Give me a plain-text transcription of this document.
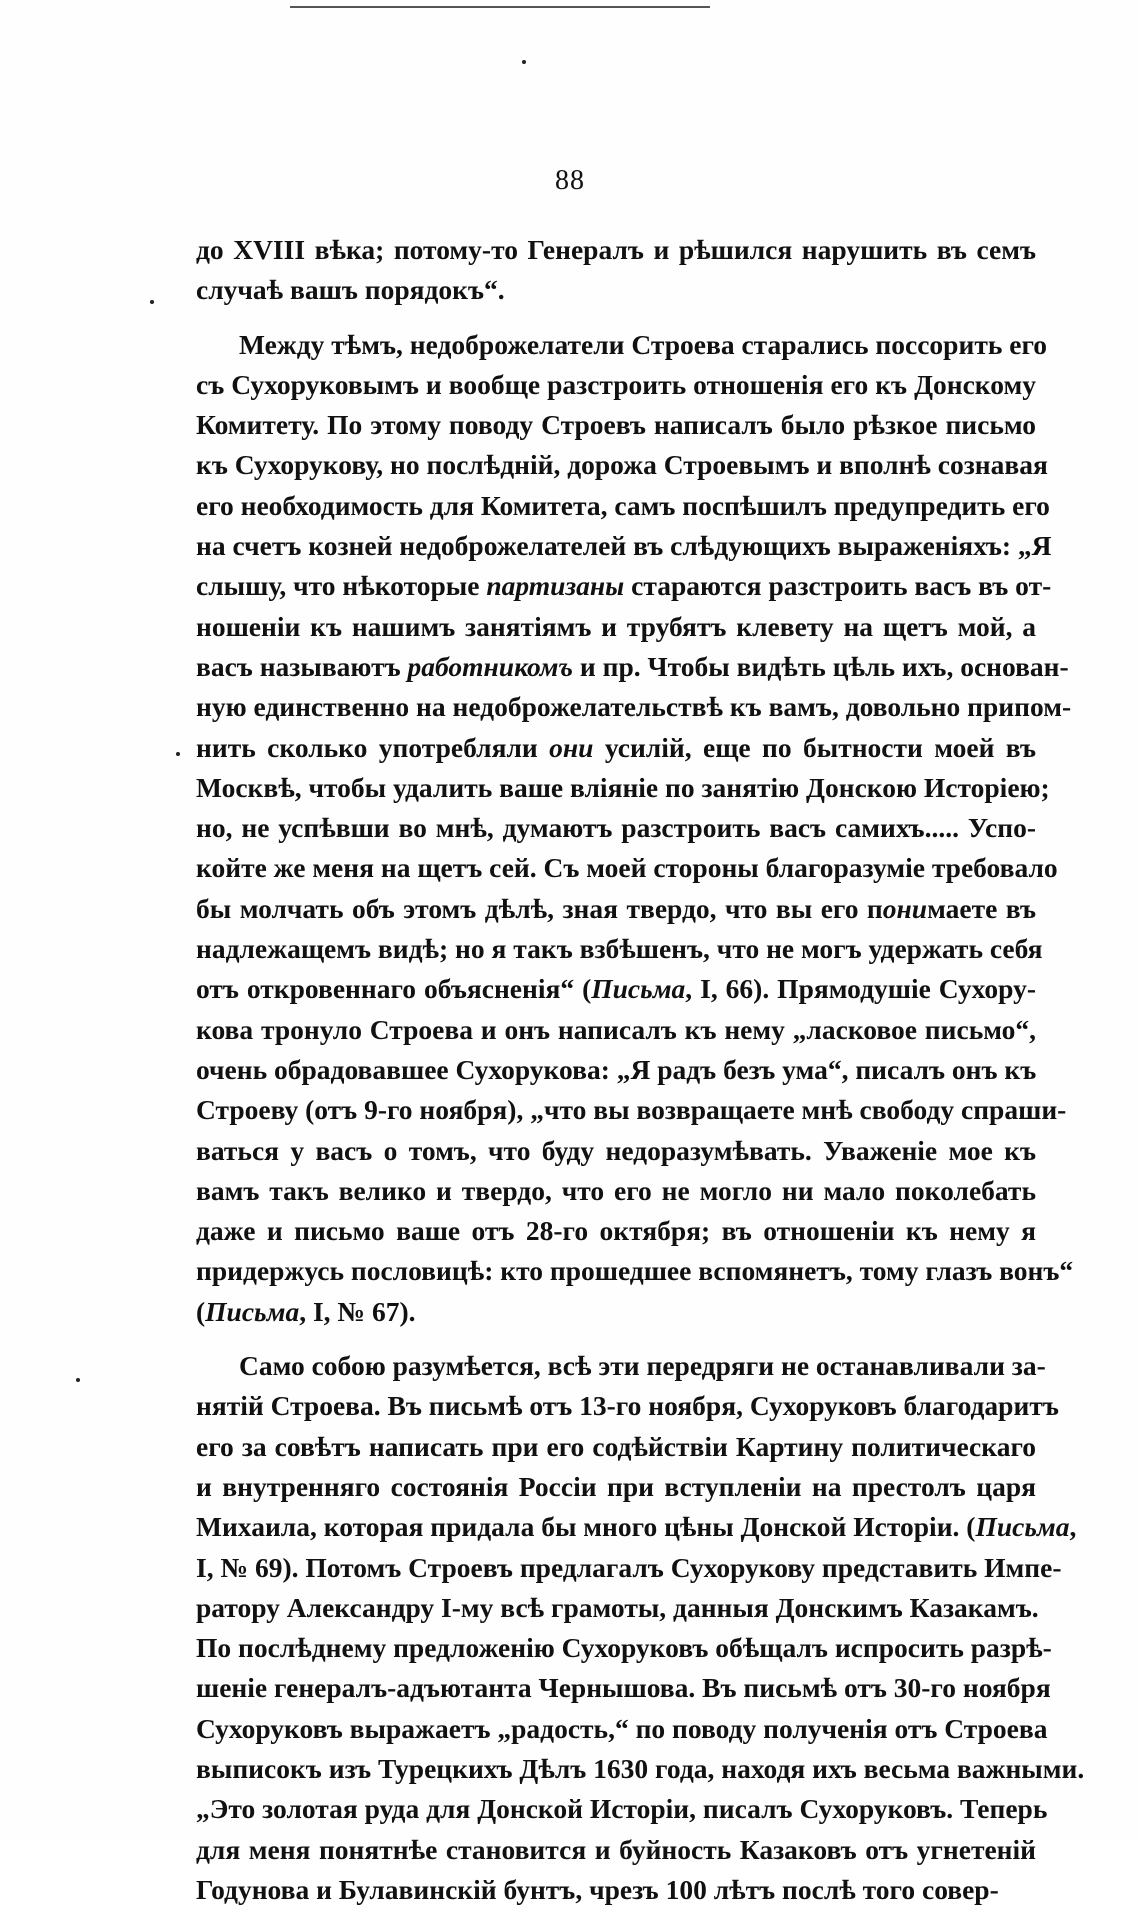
88
до XVIII вѣка; потому-то Генералъ и рѣшился нарушить въ семъ
случаѣ вашъ порядокъ“.
Между тѣмъ, недоброжелатели Строева старались поссорить его
съ Сухоруковымъ и вообще разстроить отношенія его къ Донскому
Комитету. По этому поводу Строевъ написалъ было рѣзкое письмо
къ Сухорукову, но послѣдній, дорожа Строевымъ и вполнѣ сознавая
его необходимость для Комитета, самъ поспѣшилъ предупредить его
на счетъ козней недоброжелателей въ слѣдующихъ выраженіяхъ: „Я
слышу, что нѣкоторые партизаны стараются разстроить васъ въ от-
ношеніи къ нашимъ занятіямъ и трубятъ клевету на щетъ мой, а
васъ называютъ работникомъ и пр. Чтобы видѣть цѣль ихъ, основан-
ную единственно на недоброжелательствѣ къ вамъ, довольно припом-
нить сколько употребляли они усилій, еще по бытности моей въ
Москвѣ, чтобы удалить ваше вліяніе по занятію Донскою Исторіею;
но, не успѣвши во мнѣ, думаютъ разстроить васъ самихъ..... Успо-
койте же меня на щетъ сей. Съ моей стороны благоразуміе требовало
бы молчать объ этомъ дѣлѣ, зная твердо, что вы его понимаете въ
надлежащемъ видѣ; но я такъ взбѣшенъ, что не могъ удержать себя
отъ откровеннаго объясненія“ (Письма, I, 66). Прямодушіе Сухору-
кова тронуло Строева и онъ написалъ къ нему „ласковое письмо“,
очень обрадовавшее Сухорукова: „Я радъ безъ ума“, писалъ онъ къ
Строеву (отъ 9-го ноября), „что вы возвращаете мнѣ свободу спраши-
ваться у васъ о томъ, что буду недоразумѣвать. Уваженіе мое къ
вамъ такъ велико и твердо, что его не могло ни мало поколебать
даже и письмо ваше отъ 28-го октября; въ отношеніи къ нему я
придержусь пословицѣ: кто прошедшее вспомянетъ, тому глазъ вонъ“
(Письма, I, № 67).
Само собою разумѣется, всѣ эти передряги не останавливали за-
нятій Строева. Въ письмѣ отъ 13-го ноября, Сухоруковъ благодаритъ
его за совѣтъ написать при его содѣйствіи Картину политическаго
и внутренняго состоянія Россіи при вступленіи на престолъ царя
Михаила, которая придала бы много цѣны Донской Исторіи. (Письма,
I, № 69). Потомъ Строевъ предлагалъ Сухорукову представить Импе-
ратору Александру I-му всѣ грамоты, данныя Донскимъ Казакамъ.
По послѣднему предложенію Сухоруковъ обѣщалъ испросить разрѣ-
шеніе генералъ-адъютанта Чернышова. Въ письмѣ отъ 30-го ноября
Сухоруковъ выражаетъ „радость,“ по поводу полученія отъ Строева
выписокъ изъ Турецкихъ Дѣлъ 1630 года, находя ихъ весьма важными.
„Это золотая руда для Донской Исторіи, писалъ Сухоруковъ. Теперь
для меня понятнѣе становится и буйность Казаковъ отъ угнетеній
Годунова и Булавинскій бунтъ, чрезъ 100 лѣтъ послѣ того совер-
